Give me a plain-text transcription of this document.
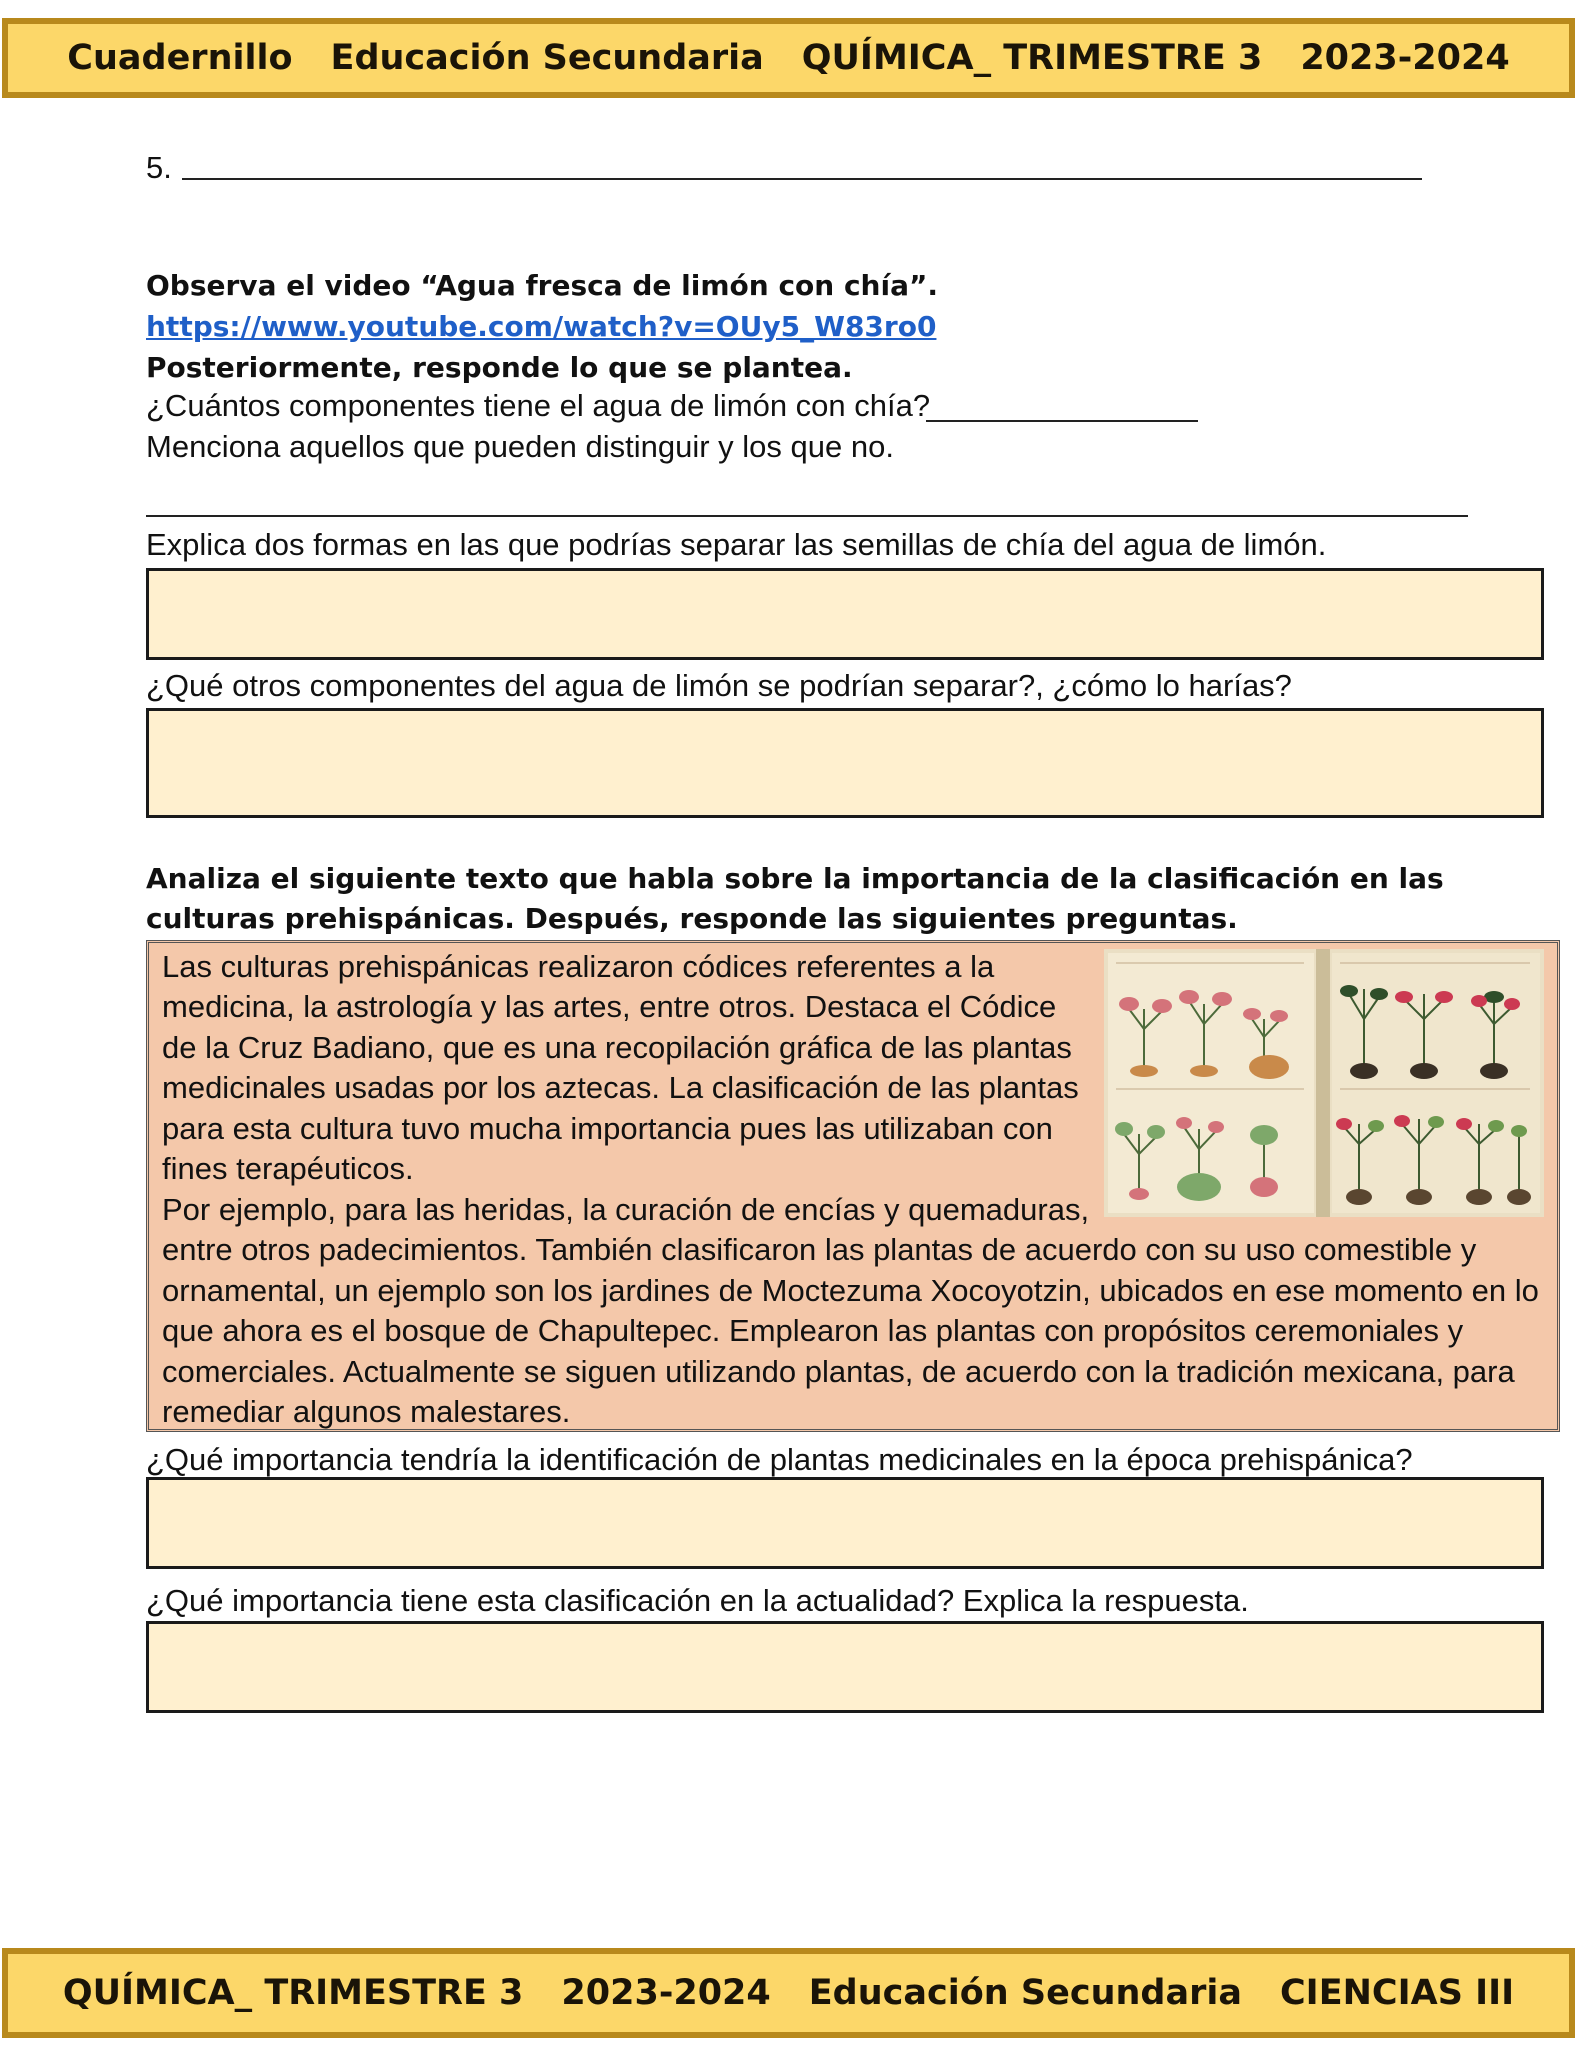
Cuadernillo Educación Secundaria QUÍMICA_ TRIMESTRE 3 2023-2024
5.
Observa el video “Agua fresca de limón con chía”.
https://www.youtube.com/watch?v=OUy5_W83ro0
Posteriormente, responde lo que se plantea.
¿Cuántos componentes tiene el agua de limón con chía?
Menciona aquellos que pueden distinguir y los que no.
Explica dos formas en las que podrías separar las semillas de chía del agua de limón.
¿Qué otros componentes del agua de limón se podrían separar?, ¿cómo lo harías?
Analiza el siguiente texto que habla sobre la importancia de la clasificación en las
culturas prehispánicas. Después, responde las siguientes preguntas.
Las culturas prehispánicas realizaron códices referentes a la
medicina, la astrología y las artes, entre otros. Destaca el Códice
de la Cruz Badiano, que es una recopilación gráfica de las plantas
medicinales usadas por los aztecas. La clasificación de las plantas
para esta cultura tuvo mucha importancia pues las utilizaban con
fines terapéuticos.
Por ejemplo, para las heridas, la curación de encías y quemaduras,
entre otros padecimientos. También clasificaron las plantas de acuerdo con su uso comestible y
ornamental, un ejemplo son los jardines de Moctezuma Xocoyotzin, ubicados en ese momento en lo
que ahora es el bosque de Chapultepec. Emplearon las plantas con propósitos ceremoniales y
comerciales. Actualmente se siguen utilizando plantas, de acuerdo con la tradición mexicana, para
remediar algunos malestares.
¿Qué importancia tendría la identificación de plantas medicinales en la época prehispánica?
¿Qué importancia tiene esta clasificación en la actualidad? Explica la respuesta.
QUÍMICA_ TRIMESTRE 3 2023-2024 Educación Secundaria CIENCIAS III
